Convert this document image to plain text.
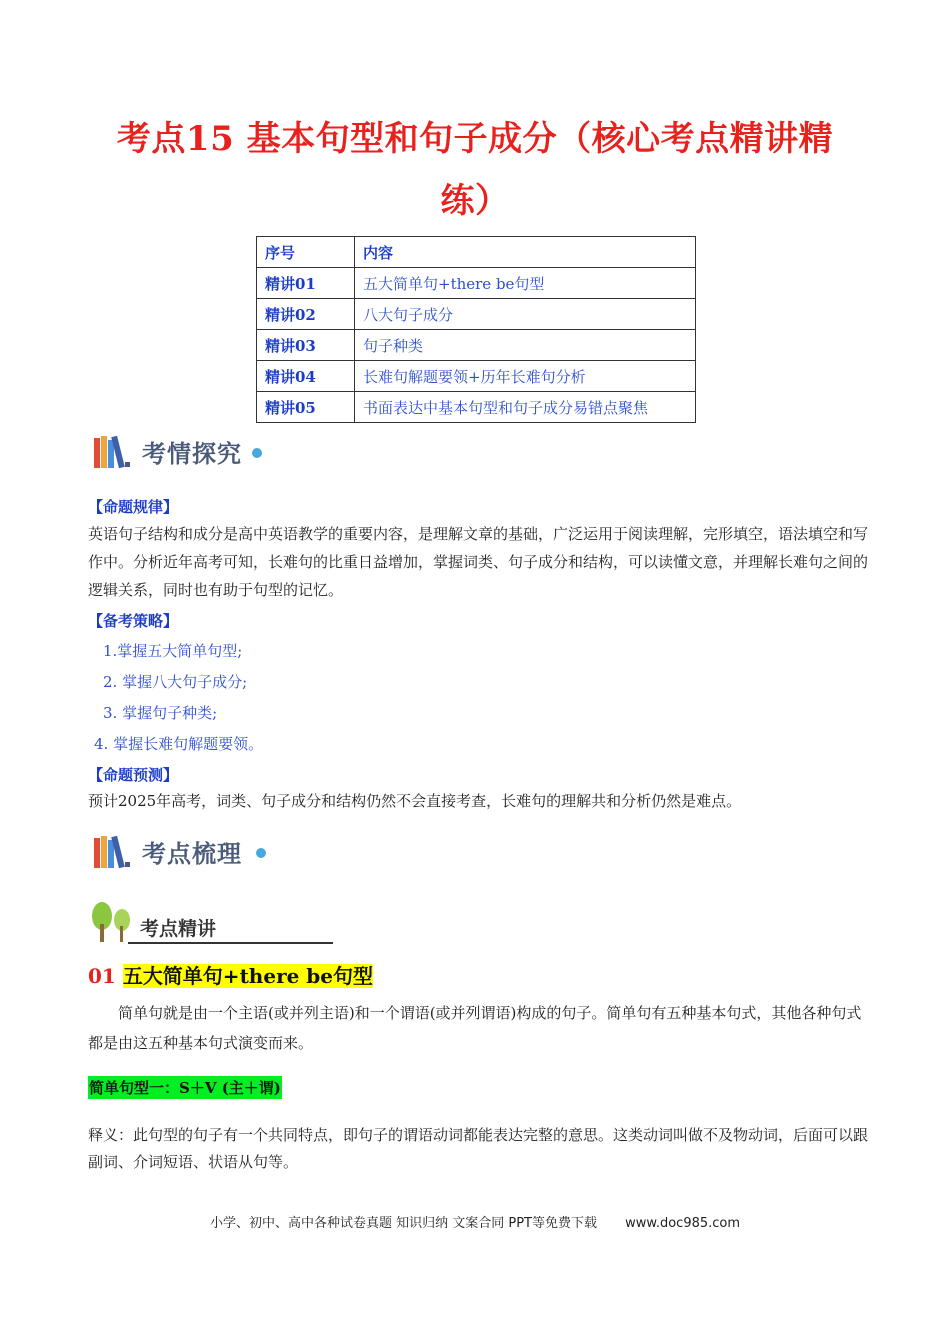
考点15 基本句型和句子成分（核心考点精讲精
练）
序号	内容
精讲01	五大简单句+there be句型
精讲02	八大句子成分
精讲03	句子种类
精讲04	长难句解题要领+历年长难句分析
精讲05	书面表达中基本句型和句子成分易错点聚焦
考情探究
【命题规律】
英语句子结构和成分是高中英语教学的重要内容，是理解文章的基础，广泛运用于阅读理解，完形填空，语法填空和写作中。分析近年高考可知，长难句的比重日益增加，掌握词类、句子成分和结构，可以读懂文意，并理解长难句之间的逻辑关系，同时也有助于句型的记忆。
【备考策略】
1.掌握五大简单句型;
2. 掌握八大句子成分;
3. 掌握句子种类;
4. 掌握长难句解题要领。
【命题预测】
预计2025年高考，词类、句子成分和结构仍然不会直接考查，长难句的理解共和分析仍然是难点。
考点梳理
考点精讲
01 五大简单句+there be句型
简单句就是由一个主语(或并列主语)和一个谓语(或并列谓语)构成的句子。简单句有五种基本句式，其他各种句式都是由这五种基本句式演变而来。
简单句型一：S＋V (主＋谓)
释义：此句型的句子有一个共同特点，即句子的谓语动词都能表达完整的意思。这类动词叫做不及物动词，后面可以跟副词、介词短语、状语从句等。
小学、初中、高中各种试卷真题 知识归纳 文案合同 PPT等免费下载 www.doc985.com
